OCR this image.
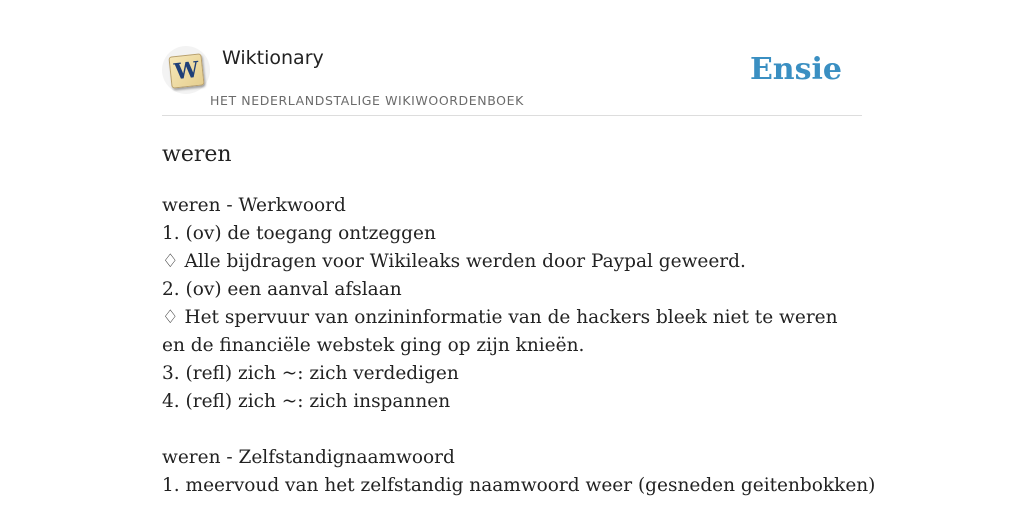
W Wiktionary
HET NEDERLANDSTALIGE WIKIWOORDENBOEK
Ensie
weren
weren - Werkwoord
1. (ov) de toegang ontzeggen
♢ Alle bijdragen voor Wikileaks werden door Paypal geweerd.
2. (ov) een aanval afslaan
♢ Het spervuur van onzininformatie van de hackers bleek niet te weren en de financiële webstek ging op zijn knieën.
3. (refl) zich ~: zich verdedigen
4. (refl) zich ~: zich inspannen
weren - Zelfstandignaamwoord
1. meervoud van het zelfstandig naamwoord weer (gesneden geitenbokken)
